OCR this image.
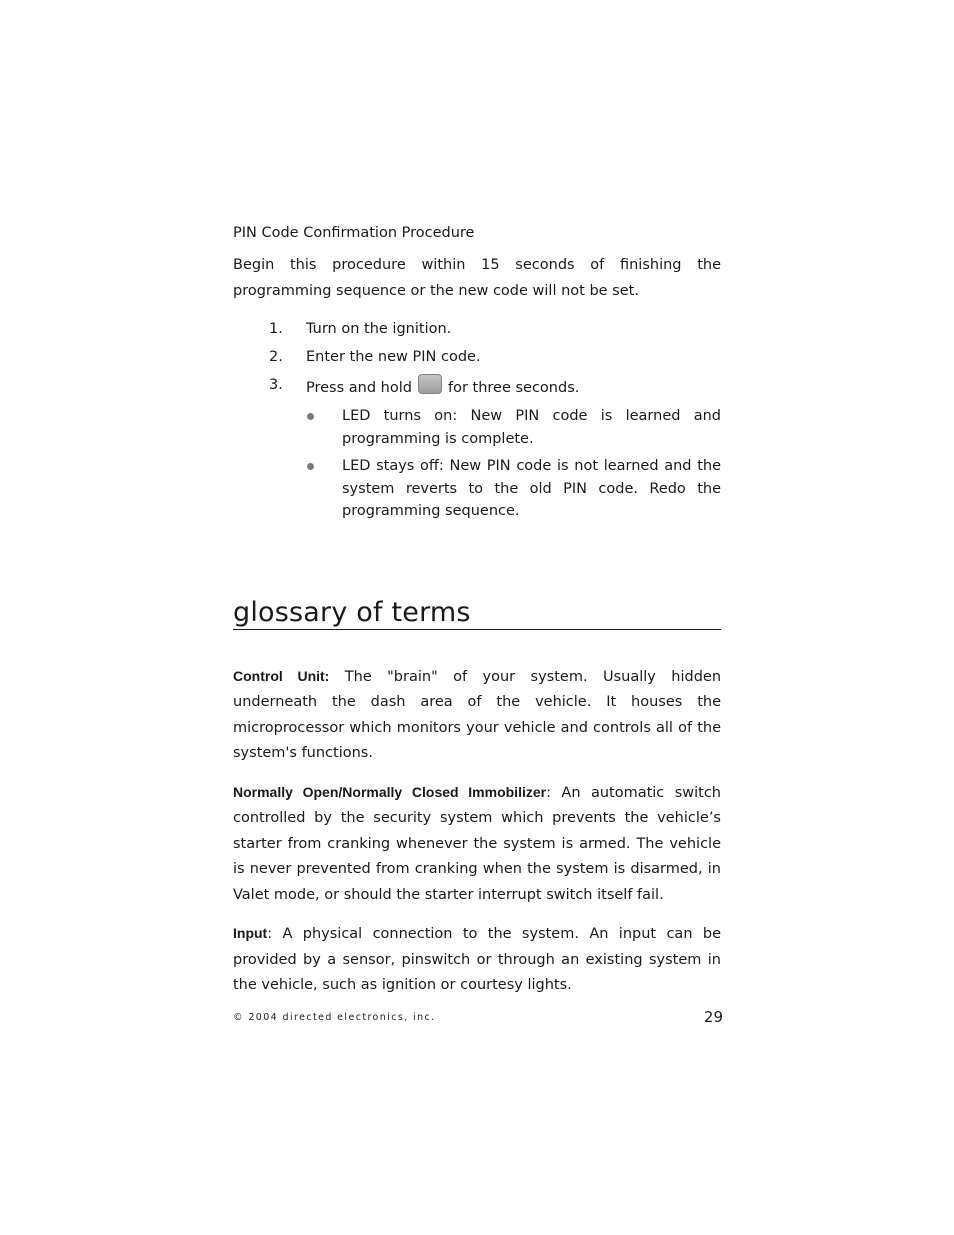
PIN Code Confirmation Procedure

Begin this procedure within 15 seconds of finishing the programming sequence or the new code will not be set.

1. Turn on the ignition.
2. Enter the new PIN code.
3. Press and hold for three seconds.
LED turns on: New PIN code is learned and programming is complete.
LED stays off: New PIN code is not learned and the system reverts to the old PIN code. Redo the programming sequence.
glossary of terms

Control Unit: The "brain" of your system. Usually hidden underneath the dash area of the vehicle. It houses the microprocessor which monitors your vehicle and controls all of the system's functions.

Normally Open/Normally Closed Immobilizer: An automatic switch controlled by the security system which prevents the vehicle’s starter from cranking whenever the system is armed. The vehicle is never prevented from cranking when the system is disarmed, in Valet mode, or should the starter interrupt switch itself fail.

Input: A physical connection to the system. An input can be provided by a sensor, pinswitch or through an existing system in the vehicle, such as ignition or courtesy lights.

© 2004 directed electronics, inc.	29
